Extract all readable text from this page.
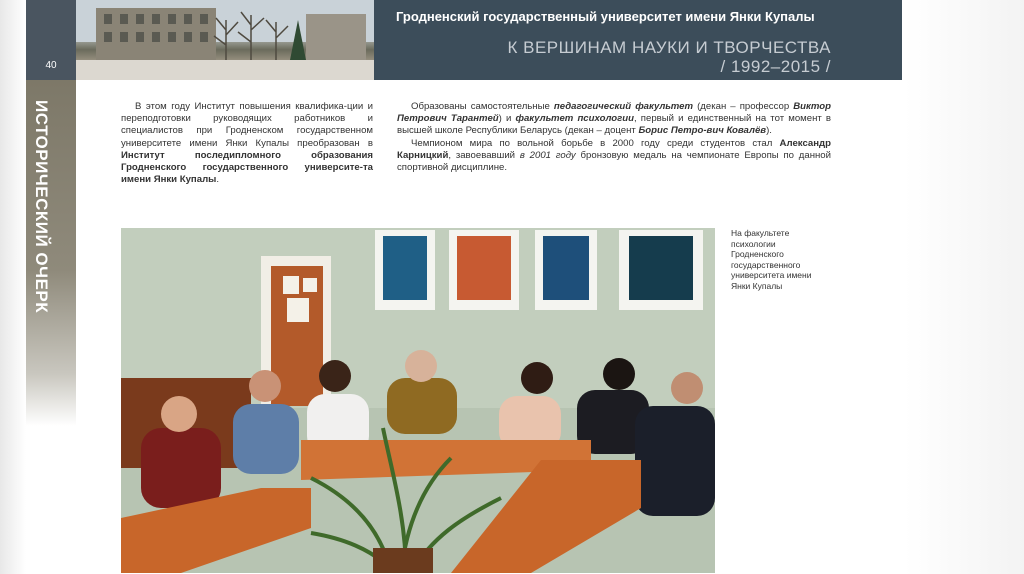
40
ИСТОРИЧЕСКИЙ ОЧЕРК
Гродненский государственный университет имени Янки Купалы
К ВЕРШИНАМ НАУКИ И ТВОРЧЕСТВА
/ 1992–2015 /

В этом году Институт повышения квалифика-ции и переподготовки руководящих работников и специалистов при Гродненском государственном университете имени Янки Купалы преобразован в Институт последипломного образования Гродненского государственного университе-та имени Янки Купалы.

Образованы самостоятельные педагогический факультет (декан – профессор Виктор Петрович Тарантей) и факультет психологии, первый и единственный на тот момент в высшей школе Республики Беларусь (декан – доцент Борис Петро-вич Ковалёв).

Чемпионом мира по вольной борьбе в 2000 году среди студентов стал Александр Карницкий, завоевавший в 2001 году бронзовую медаль на чемпионате Европы по данной спортивной дисциплине.

На факультете психологии Гродненского государственного университета имени Янки Купалы
